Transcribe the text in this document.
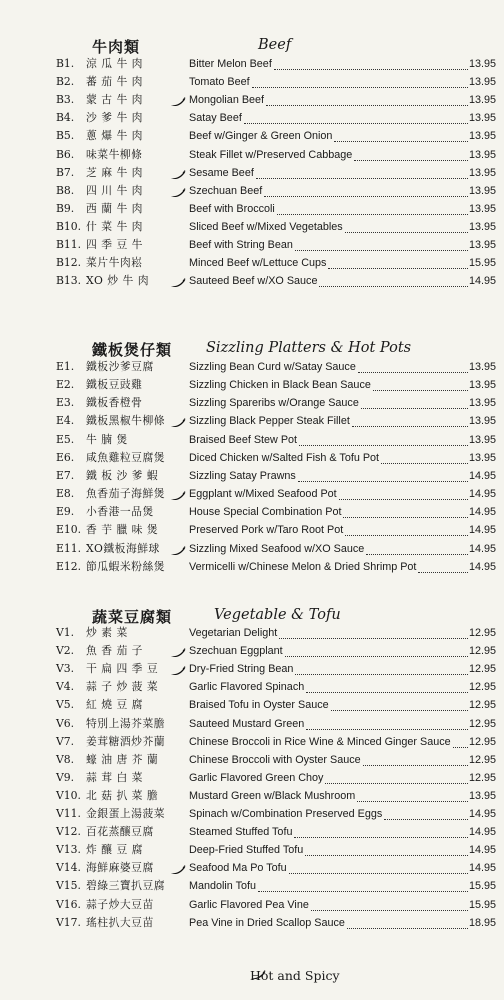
牛肉類	Beef
B1.	涼 瓜 牛 肉	Bitter Melon Beef	13.95
B2.	蕃 茄 牛 肉	Tomato Beef	13.95
B3.	蒙 古 牛 肉	Mongolian Beef	13.95
B4.	沙 爹 牛 肉	Satay Beef	13.95
B5.	蔥 爆 牛 肉	Beef w/Ginger & Green Onion	13.95
B6.	味菜牛柳條	Steak Fillet w/Preserved Cabbage	13.95
B7.	芝 麻 牛 肉	Sesame Beef	13.95
B8.	四 川 牛 肉	Szechuan Beef	13.95
B9.	西 蘭 牛 肉	Beef with Broccoli	13.95
B10. 什 菜 牛 肉	Sliced Beef w/Mixed Vegetables	13.95
B11. 四 季 豆 牛	Beef with String Bean	13.95
B12. 菜片牛肉崧	Minced Beef w/Lettuce Cups	15.95
B13. XO 炒 牛 肉	Sauteed Beef w/XO Sauce	14.95
鐵板煲仔類 Sizzling Platters & Hot Pots
E1.	鐵板沙爹豆腐	Sizzling Bean Curd w/Satay Sauce	13.95
E2.	鐵板豆豉雞	Sizzling Chicken in Black Bean Sauce	13.95
E3.	鐵板香橙骨	Sizzling Spareribs w/Orange Sauce	13.95
E4.	鐵板黑椒牛柳條	Sizzling Black Pepper Steak Fillet	13.95
E5.	牛 腩 煲	Braised Beef Stew Pot	13.95
E6.	咸魚雞粒豆腐煲	Diced Chicken w/Salted Fish & Tofu Pot	13.95
E7.	鐵 板 沙 爹 蝦	Sizzling Satay Prawns	14.95
E8.	魚香茄子海鮮煲	Eggplant w/Mixed Seafood Pot	14.95
E9.	小香港一品煲	House Special Combination Pot	14.95
E10. 香 芋 臘 味 煲	Preserved Pork w/Taro Root Pot	14.95
E11. XO鐵板海鮮球	Sizzling Mixed Seafood w/XO Sauce	14.95
E12. 節瓜蝦米粉絲煲	Vermicelli w/Chinese Melon & Dried Shrimp Pot	14.95
蔬菜豆腐類	Vegetable & Tofu
V1.	炒 素 菜	Vegetarian Delight	12.95
V2.	魚 香 茄 子	Szechuan Eggplant	12.95
V3.	干 扁 四 季 豆	Dry-Fried String Bean	12.95
V4.	蒜 子 炒 菠 菜	Garlic Flavored Spinach	12.95
V5.	紅 燒 豆 腐	Braised Tofu in Oyster Sauce	12.95
V6.	特別上湯芥菜膽	Sauteed Mustard Green	12.95
V7.	姜茸糖酒炒芥蘭	Chinese Broccoli in Rice Wine & Minced Ginger Sauce 12.95
V8.	蠔 油 唐 芥 蘭	Chinese Broccoli with Oyster Sauce	12.95
V9.	蒜 茸 白 菜	Garlic Flavored Green Choy	12.95
V10. 北 菇 扒 菜 膽	Mustard Green w/Black Mushroom	13.95
V11. 金銀蛋上湯菠菜	Spinach w/Combination Preserved Eggs	14.95
V12. 百花蒸釀豆腐	Steamed Stuffed Tofu	14.95
V13. 炸 釀 豆 腐	Deep-Fried Stuffed Tofu	14.95
V14. 海鮮麻婆豆腐	Seafood Ma Po Tofu	14.95
V15. 碧綠三寶扒豆腐	Mandolin Tofu	15.95
V16. 蒜子炒大豆苗	Garlic Flavored Pea Vine	15.95
V17. 瑤柱扒大豆苗	Pea Vine in Dried Scallop Sauce	18.95
Hot and Spicy
